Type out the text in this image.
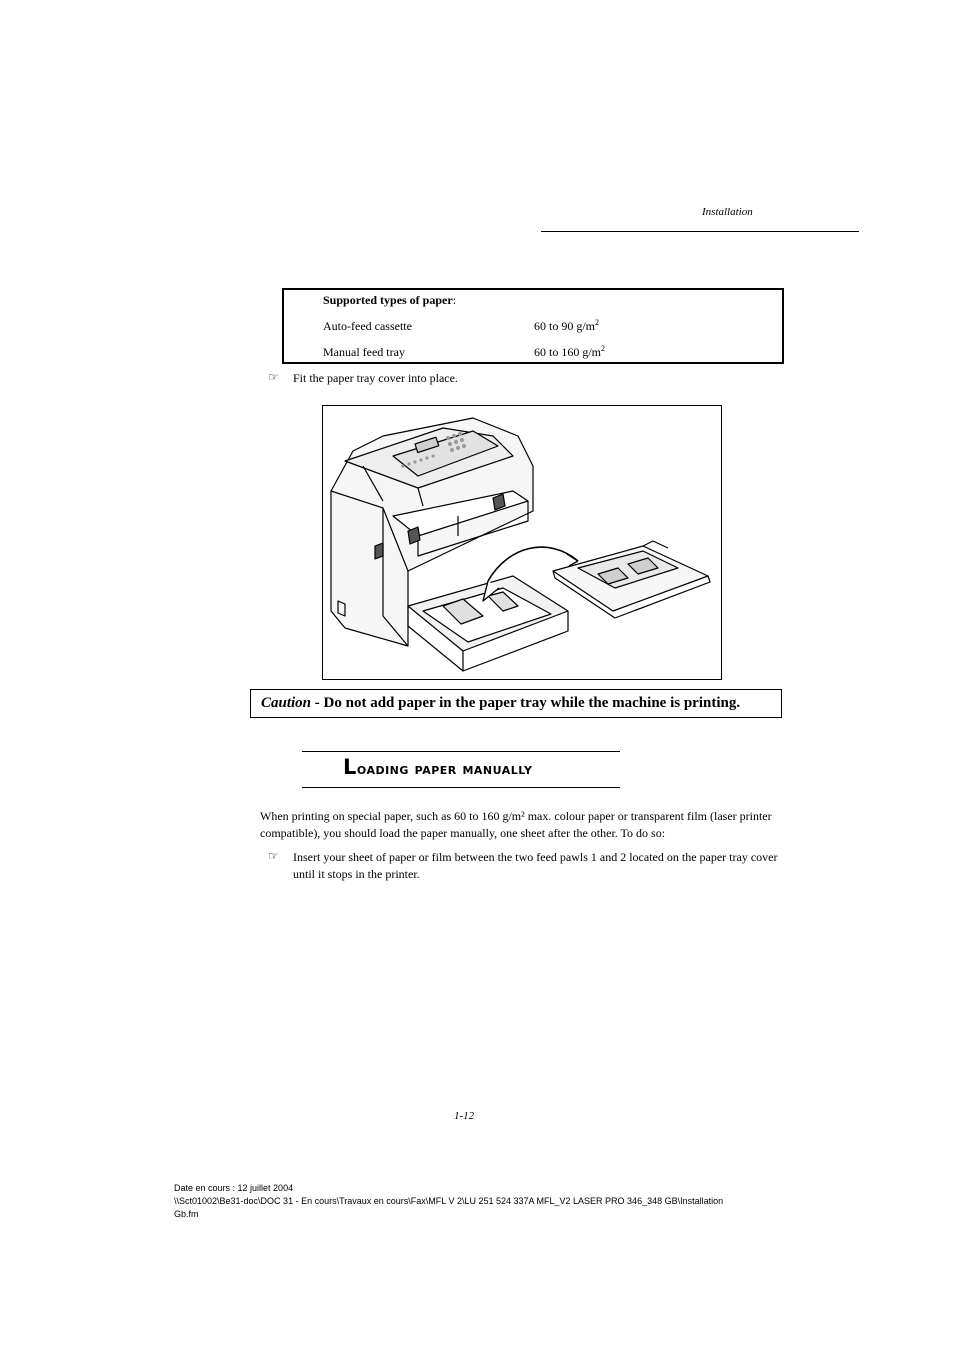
Installation
Supported types of paper:
Auto-feed cassette	60 to 90 $g/m^2$
Manual feed tray	60 to 160 $g/m^2$
☞ Fit the paper tray cover into place.
Caution - Do not add paper in the paper tray while the machine is printing.
Loading paper manually
When printing on special paper, such as 60 to 160 g/m² max. colour paper or transparent film (laser printer compatible), you should load the paper manually, one sheet after the other. To do so:
☞ Insert your sheet of paper or film between the two feed pawls 1 and 2 located on the paper tray cover until it stops in the printer.
1-12
Date en cours : 12 juillet 2004
\\Sct01002\Be31-doc\DOC 31 - En cours\Travaux en cours\Fax\MFL V 2\LU 251 524 337A MFL_V2 LASER PRO 346_348 GB\Installation
Gb.fm
